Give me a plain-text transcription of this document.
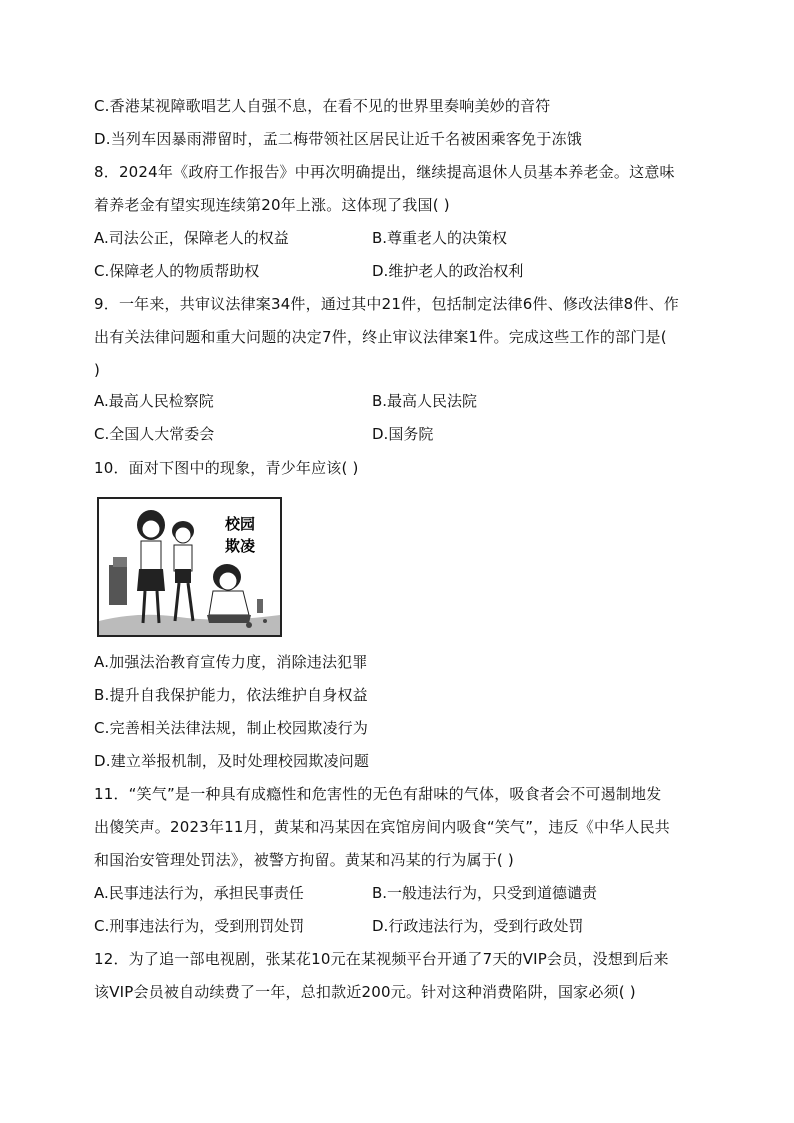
C.香港某视障歌唱艺人自强不息，在看不见的世界里奏响美妙的音符
D.当列车因暴雨滞留时，孟二梅带领社区居民让近千名被困乘客免于冻饿
8．2024年《政府工作报告》中再次明确提出，继续提高退休人员基本养老金。这意味
着养老金有望实现连续第20年上涨。这体现了我国( )
A.司法公正，保障老人的权益	B.尊重老人的决策权
C.保障老人的物质帮助权	D.维护老人的政治权利
9．一年来，共审议法律案34件，通过其中21件，包括制定法律6件、修改法律8件、作
出有关法律问题和重大问题的决定7件，终止审议法律案1件。完成这些工作的部门是(
)
A.最高人民检察院	B.最高人民法院
C.全国人大常委会	D.国务院
10．面对下图中的现象，青少年应该( )
校园
欺凌
A.加强法治教育宣传力度，消除违法犯罪
B.提升自我保护能力，依法维护自身权益
C.完善相关法律法规，制止校园欺凌行为
D.建立举报机制，及时处理校园欺凌问题
11．“笑气”是一种具有成瘾性和危害性的无色有甜味的气体，吸食者会不可遏制地发
出傻笑声。2023年11月，黄某和冯某因在宾馆房间内吸食“笑气”，违反《中华人民共
和国治安管理处罚法》，被警方拘留。黄某和冯某的行为属于( )
A.民事违法行为，承担民事责任	B.一般违法行为，只受到道德谴责
C.刑事违法行为，受到刑罚处罚	D.行政违法行为，受到行政处罚
12．为了追一部电视剧，张某花10元在某视频平台开通了7天的VIP会员，没想到后来
该VIP会员被自动续费了一年，总扣款近200元。针对这种消费陷阱，国家必须( )
